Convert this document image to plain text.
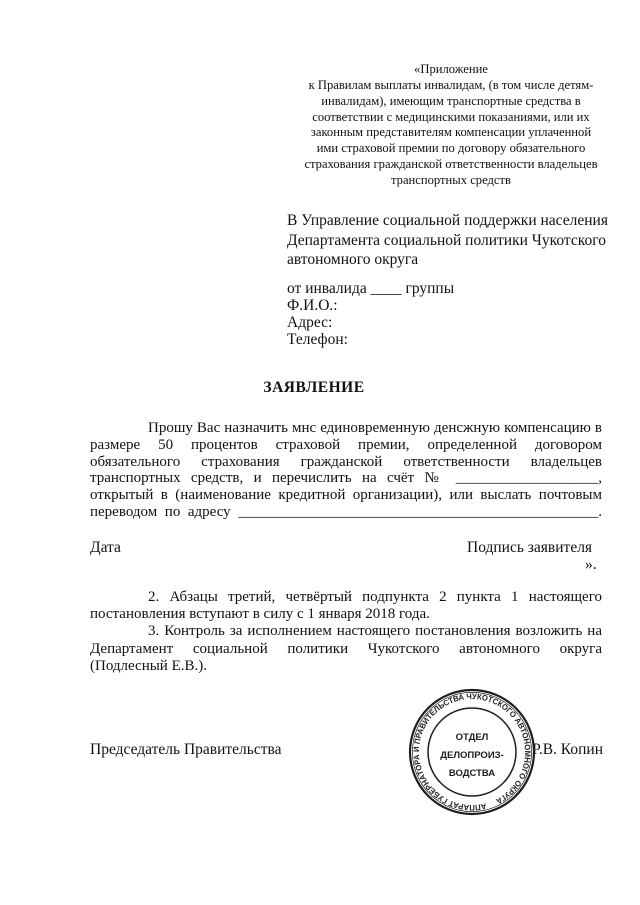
«Приложение
к Правилам выплаты инвалидам, (в том числе детям-
инвалидам), имеющим транспортные средства в
соответствии с медицинскими показаниями, или их
законным представителям компенсации уплаченной
ими страховой премии по договору обязательного
страхования гражданской ответственности владельцев
транспортных средств
В Управление социальной поддержки населения
Департамента социальной политики Чукотского
автономного округа
от инвалида ____ группы
Ф.И.О.:
Адрес:
Телефон:
ЗАЯВЛЕНИЕ
Прошу Вас назначить мнс единовременную денсжную компенсацию в
размере 50 процентов страховой премии, определенной договором
обязательного страхования гражданской ответственности владельцев
транспортных средств, и перечислить на счёт № ___________________,
открытый в (наименование кредитной организации), или выслать почтовым
переводом по адресу ________________________________________________.
Дата	Подпись заявителя
».
2. Абзацы третий, четвёртый подпункта 2 пункта 1 настоящего
постановления вступают в силу с 1 января 2018 года.
3. Контроль за исполнением настоящего постановления возложить на
Департамент социальной политики Чукотского автономного округа
(Подлесный Е.В.).
Председатель Правительства	Р.В. Копин
АППАРАТ ГУБЕРНАТОРА И ПРАВИТЕЛЬСТВА ЧУКОТСКОГО АВТОНОМНОГО ОКРУГА
ОТДЕЛ
ДЕЛОПРОИЗ-
ВОДСТВА
